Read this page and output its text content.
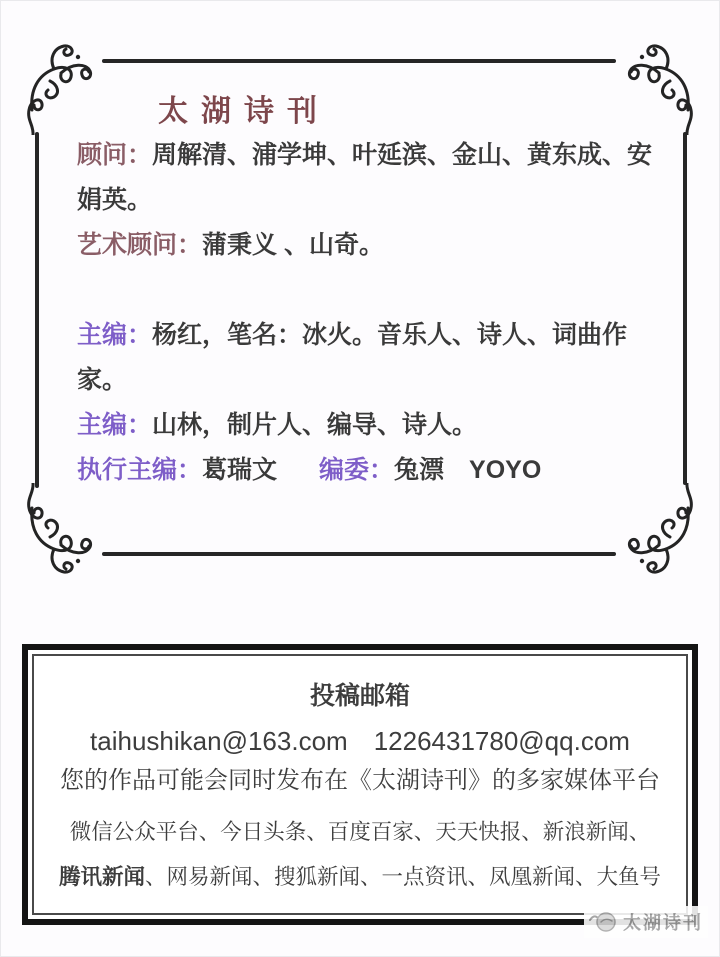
太湖诗刊

顾问：周解清、浦学坤、叶延滨、金山、黄东成、安
娟英。

艺术顾问：蒲秉义 、山奇。

主编：杨红，笔名：冰火。音乐人、诗人、词曲作
家。

主编：山林，制片人、编导、诗人。

执行主编：葛瑞文 编委：兔漂　YOYO

投稿邮箱
taihushikan@163.com 1226431780@qq.com
您的作品可能会同时发布在《太湖诗刊》的多家媒体平台
微信公众平台、今日头条、百度百家、天天快报、新浪新闻、
腾讯新闻、网易新闻、搜狐新闻、一点资讯、凤凰新闻、大鱼号
太湖诗刊
